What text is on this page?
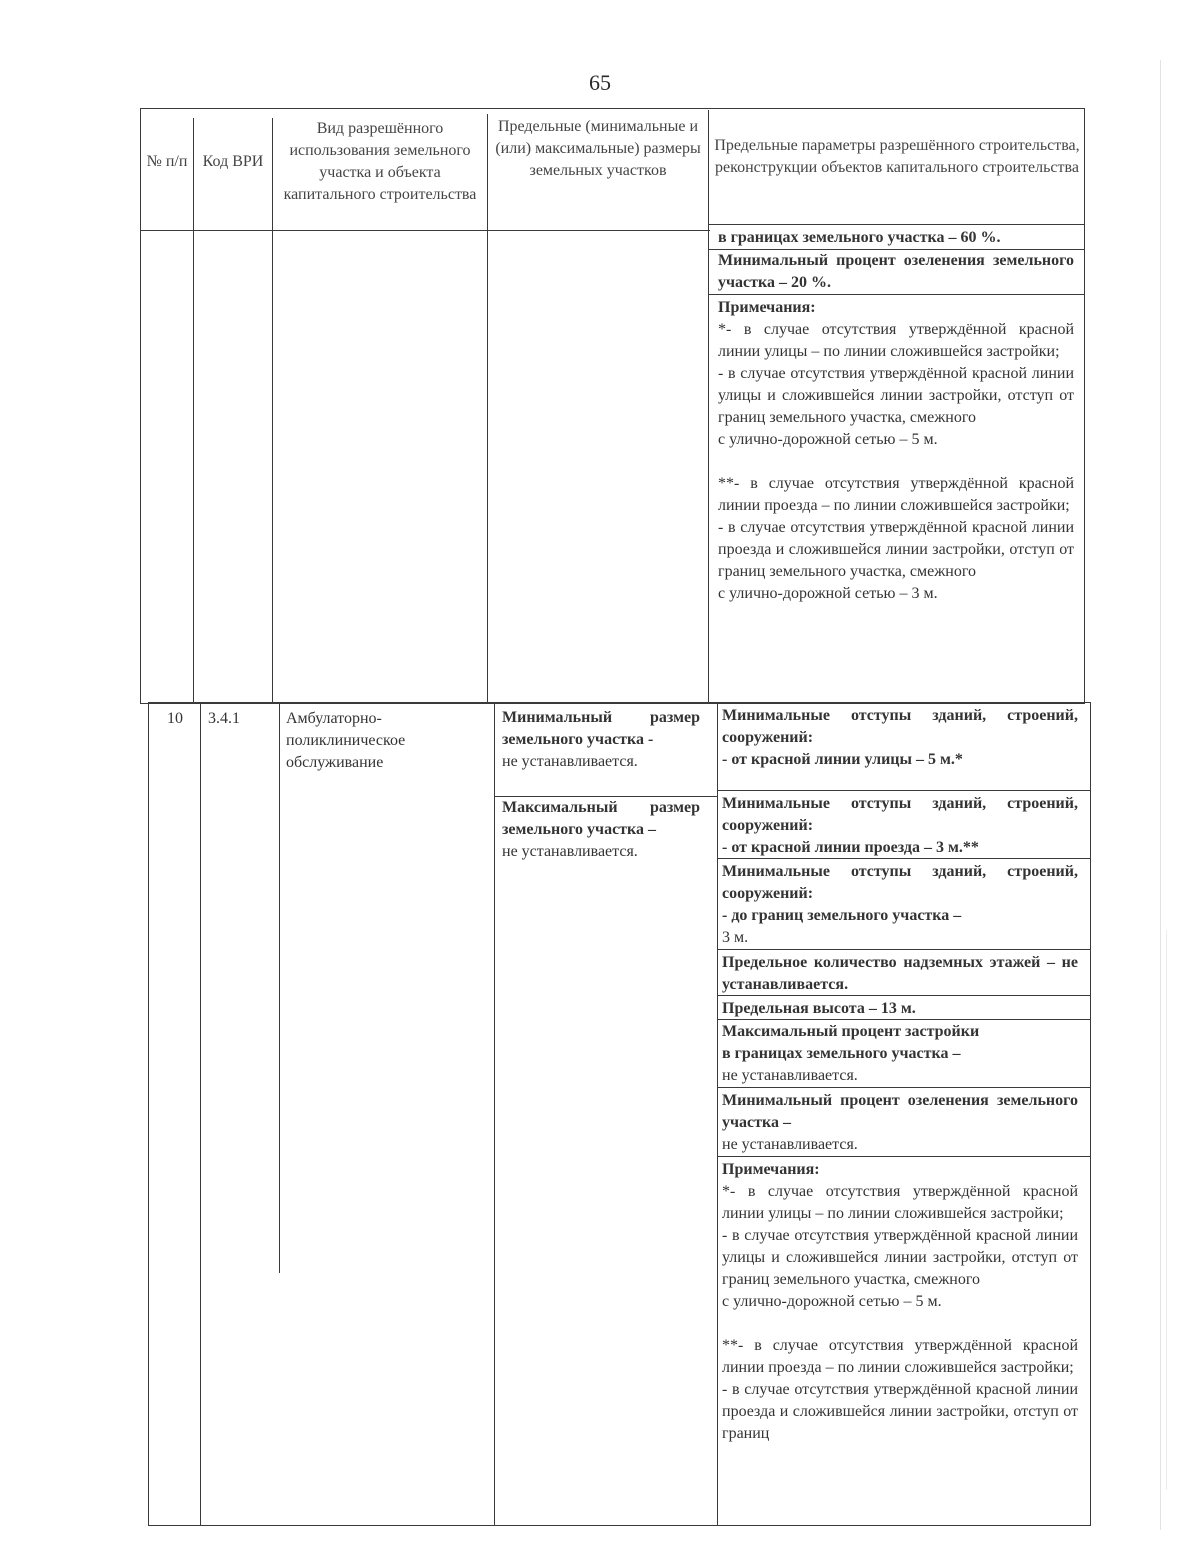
65
№ п/п Код ВРИ
Вид разрешённого использования земельного участка и объекта капитального строительства
Предельные (минимальные и (или) максимальные) размеры земельных участков
Предельные параметры разрешённого строительства, реконструкции объектов капитального строительства
в границах земельного участка – 60 %.
Минимальный процент озеленения земельного участка – 20 %.

Примечания:

*- в случае отсутствия утверждённой красной линии улицы – по линии сложившейся застройки;

- в случае отсутствия утверждённой красной линии улицы и сложившейся линии застройки, отступ от границ земельного участка, смежного

с улично-дорожной сетью – 5 м.

**- в случае отсутствия утверждённой красной линии проезда – по линии сложившейся застройки;

- в случае отсутствия утверждённой красной линии проезда и сложившейся линии застройки, отступ от границ земельного участка, смежного

с улично-дорожной сетью – 3 м.

10	3.4.1	Амбулаторно-поликлиническое обслуживание

Минимальный размер земельного участка -

не устанавливается.

Максимальный размер земельного участка –

не устанавливается.

Минимальные отступы зданий, строений, сооружений:

- от красной линии улицы – 5 м.*

Минимальные отступы зданий, строений, сооружений:

- от красной линии проезда – 3 м.**

Минимальные отступы зданий, строений, сооружений:

- до границ земельного участка –

3 м.

Предельное количество надземных этажей – не устанавливается.
Предельная высота – 13 м.

Максимальный процент застройки

в границах земельного участка –

не устанавливается.

Минимальный процент озеленения земельного участка –

не устанавливается.

Примечания:

*- в случае отсутствия утверждённой красной линии улицы – по линии сложившейся застройки;

- в случае отсутствия утверждённой красной линии улицы и сложившейся линии застройки, отступ от границ земельного участка, смежного

с улично-дорожной сетью – 5 м.

**- в случае отсутствия утверждённой красной линии проезда – по линии сложившейся застройки;

- в случае отсутствия утверждённой красной линии проезда и сложившейся линии застройки, отступ от границ
